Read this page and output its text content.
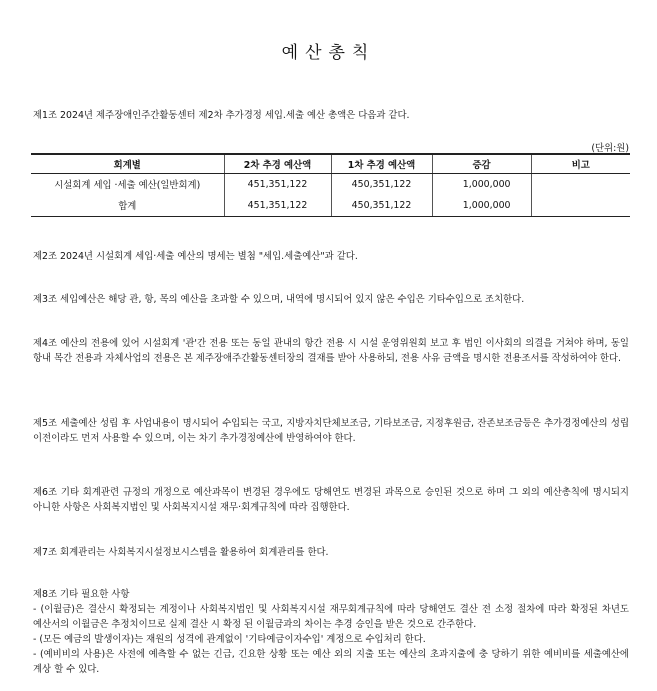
예산총칙

제1조 2024년 제주장애인주간활동센터 제2차 추가경정 세입.세출 예산 총액은 다음과 같다.

(단위:원)
회계별	2차 추경 예산액	1차 추경 예산액	증감	비고
시설회계 세입 ·세출 예산(일반회계)	451,351,122	450,351,122	1,000,000	
합계	451,351,122	450,351,122	1,000,000	

제2조 2024년 시설회계 세입·세출 예산의 명세는 별첨 "세입.세출예산"과 같다.

제3조 세입예산은 해당 관, 항, 목의 예산을 초과할 수 있으며, 내역에 명시되어 있지 않은 수입은 기타수입으로 조치한다.

제4조 예산의 전용에 있어 시설회계 '관'간 전용 또는 동일 관내의 항간 전용 시 시설 운영위원회 보고 후 법인 이사회의 의결을 거쳐야 하며, 동일 항내 목간 전용과 자체사업의 전용은 본 제주장애주간활동센터장의 결재를 받아 사용하되, 전용 사유 금액을 명시한 전용조서를 작성하여야 한다.

제5조 세출예산 성립 후 사업내용이 명시되어 수입되는 국고, 지방자치단체보조금, 기타보조금, 지정후원금, 잔존보조금등은 추가경정예산의 성립 이전이라도 먼저 사용할 수 있으며, 이는 차기 추가경정예산에 반영하여야 한다.

제6조 기타 회계관련 규정의 개정으로 예산과목이 변경된 경우에도 당해연도 변경된 과목으로 승인된 것으로 하며 그 외의 예산총칙에 명시되지 아니한 사항은 사회복지법인 및 사회복지시설 재무·회계규칙에 따라 집행한다.

제7조 회계관리는 사회복지시설정보시스템을 활용하여 회계관리를 한다.

제8조 기타 필요한 사항
- (이월금)은 결산시 확정되는 계정이나 사회복지법인 및 사회복지시설 재무회계규칙에 따라 당해연도 결산 전 소정 절차에 따라 확정된 차년도 예산서의 이월금은 추정치이므로 실제 결산 시 확정 된 이월금과의 차이는 추경 승인을 받은 것으로 간주한다.
- (모든 예금의 발생이자)는 재원의 성격에 관계없이 '기타예금이자수입' 계정으로 수입처리 한다.
- (예비비의 사용)은 사전에 예측할 수 없는 긴급, 긴요한 상황 또는 예산 외의 지출 또는 예산의 초과지출에 충 당하기 위한 예비비를 세출예산에 계상 할 수 있다.
